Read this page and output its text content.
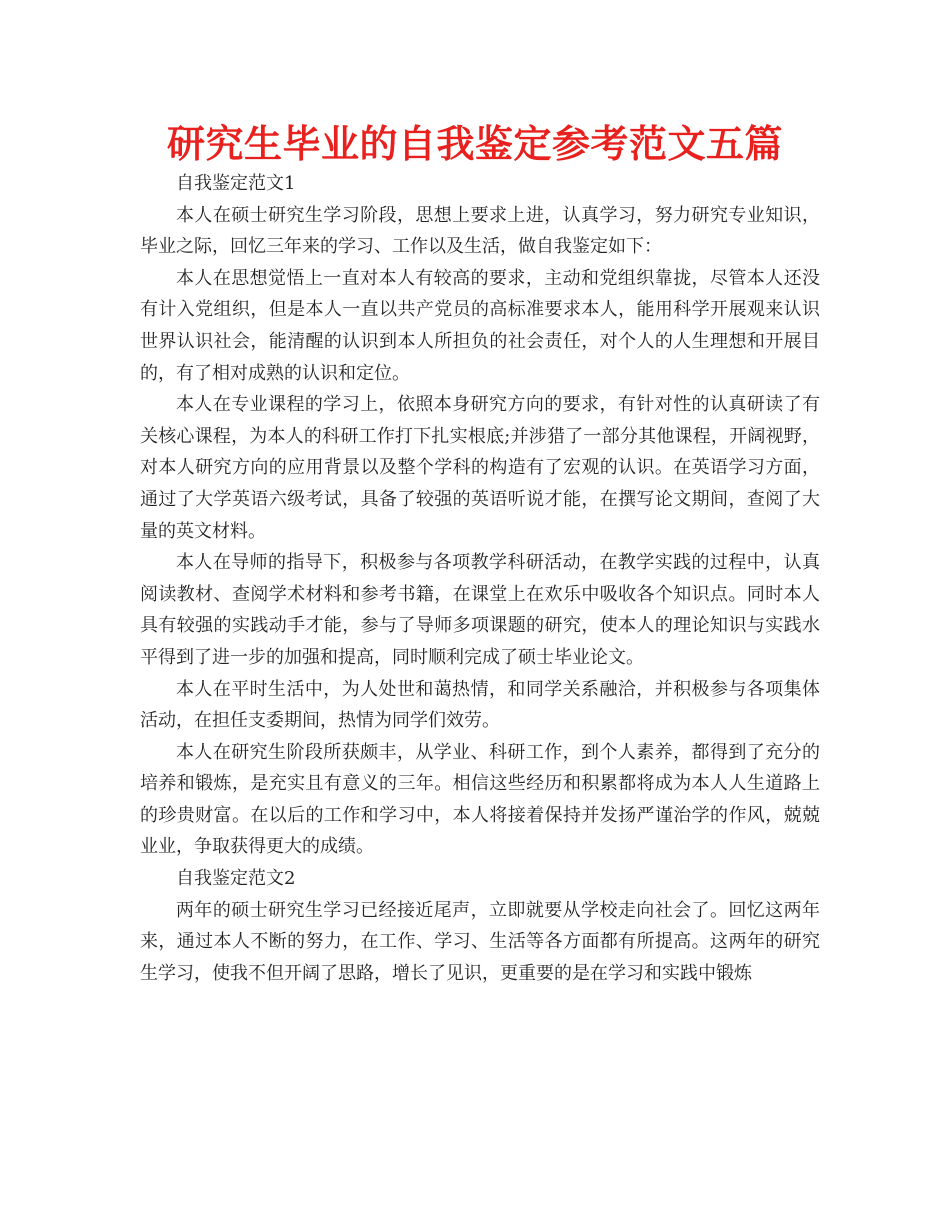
研究生毕业的自我鉴定参考范文五篇

自我鉴定范文1

本人在硕士研究生学习阶段，思想上要求上进，认真学习，努力研究专业知识，毕业之际，回忆三年来的学习、工作以及生活，做自我鉴定如下：

本人在思想觉悟上一直对本人有较高的要求，主动和党组织靠拢，尽管本人还没有计入党组织，但是本人一直以共产党员的高标准要求本人，能用科学开展观来认识世界认识社会，能清醒的认识到本人所担负的社会责任，对个人的人生理想和开展目的，有了相对成熟的认识和定位。

本人在专业课程的学习上，依照本身研究方向的要求，有针对性的认真研读了有关核心课程，为本人的科研工作打下扎实根底;并涉猎了一部分其他课程，开阔视野，对本人研究方向的应用背景以及整个学科的构造有了宏观的认识。在英语学习方面，通过了大学英语六级考试，具备了较强的英语听说才能，在撰写论文期间，查阅了大量的英文材料。

本人在导师的指导下，积极参与各项教学科研活动，在教学实践的过程中，认真阅读教材、查阅学术材料和参考书籍，在课堂上在欢乐中吸收各个知识点。同时本人具有较强的实践动手才能，参与了导师多项课题的研究，使本人的理论知识与实践水平得到了进一步的加强和提高，同时顺利完成了硕士毕业论文。

本人在平时生活中，为人处世和蔼热情，和同学关系融洽，并积极参与各项集体活动，在担任支委期间，热情为同学们效劳。

本人在研究生阶段所获颇丰，从学业、科研工作，到个人素养，都得到了充分的培养和锻炼，是充实且有意义的三年。相信这些经历和积累都将成为本人人生道路上的珍贵财富。在以后的工作和学习中，本人将接着保持并发扬严谨治学的作风，兢兢业业，争取获得更大的成绩。

自我鉴定范文2

两年的硕士研究生学习已经接近尾声，立即就要从学校走向社会了。回忆这两年来，通过本人不断的努力，在工作、学习、生活等各方面都有所提高。这两年的研究生学习，使我不但开阔了思路，增长了见识，更重要的是在学习和实践中锻炼
